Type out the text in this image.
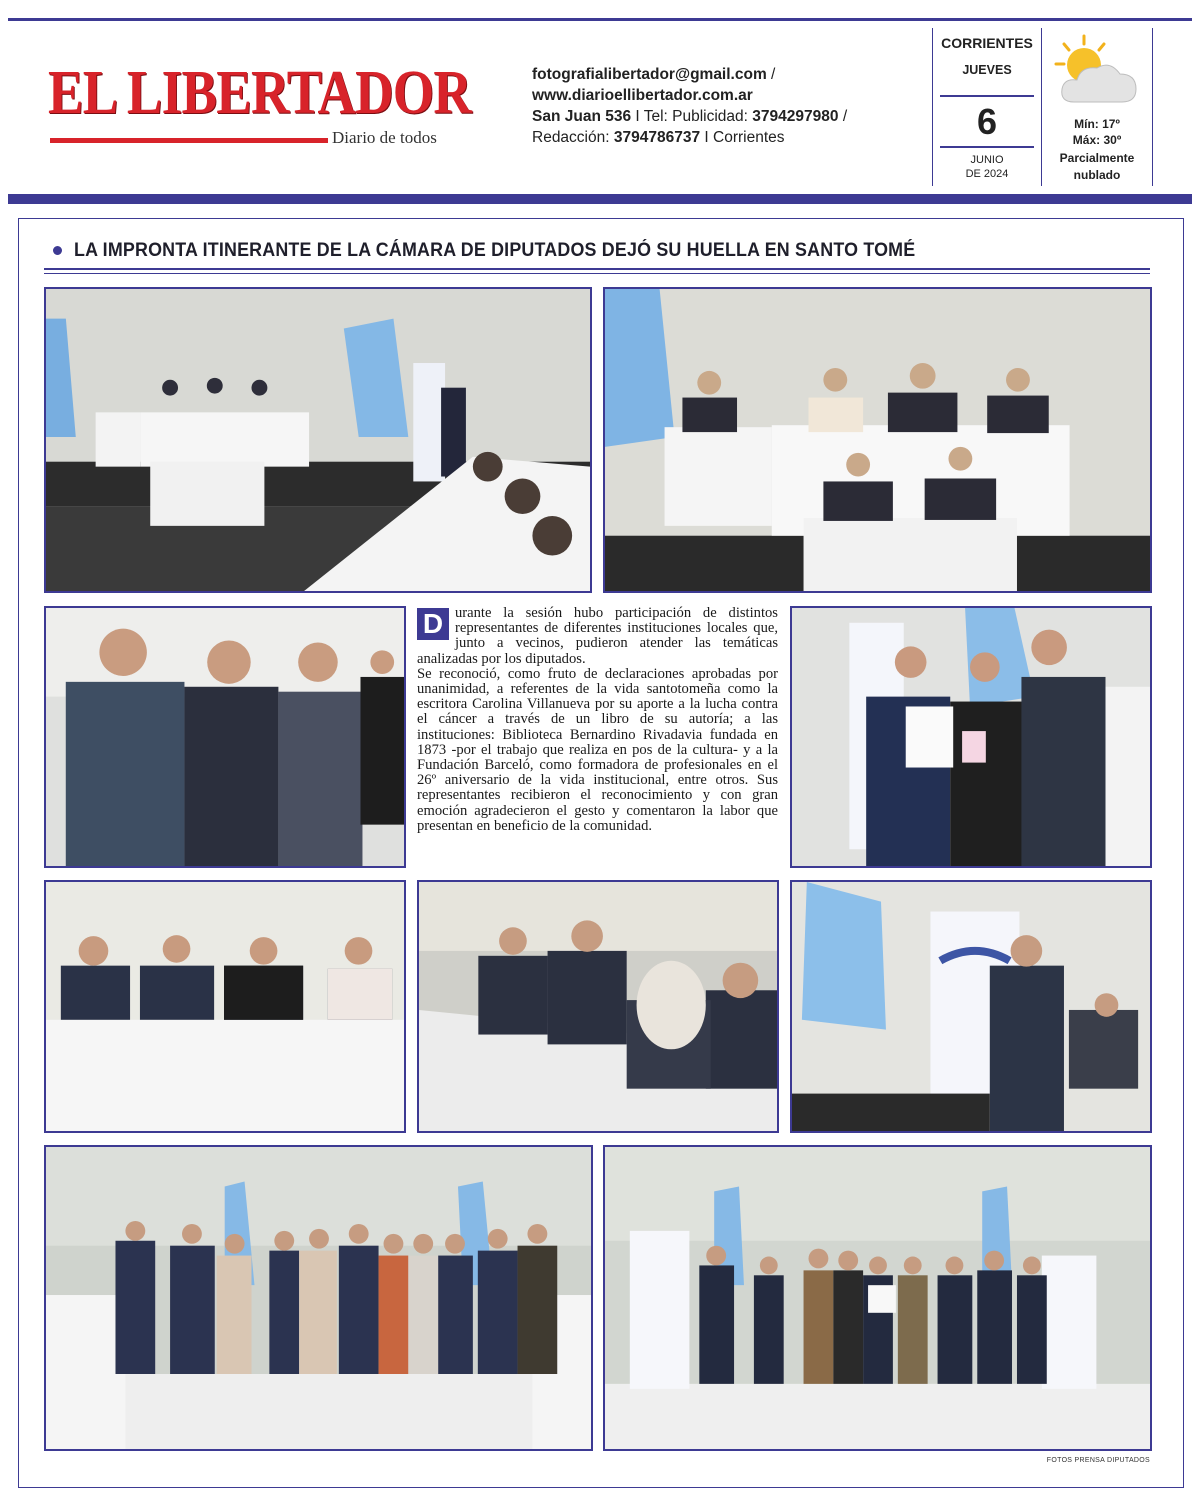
EL LIBERTADOR
Diario de todos
fotografialibertador@gmail.com /
www.diarioellibertador.com.ar
San Juan 536 I Tel: Publicidad: 3794297980 /
Redacción: 3794786737 I Corrientes
CORRIENTES
JUEVES
6
JUNIO
DE 2024
Mín: 17º
Máx: 30º
Parcialmente
nublado
LA IMPRONTA ITINERANTE DE LA CÁMARA DE DIPUTADOS DEJÓ SU HUELLA EN SANTO TOMÉ
D urante la sesión hubo participación de distintos representantes de diferentes instituciones locales que, junto a vecinos, pudieron atender las temáticas analizadas por los diputados.

Se reconoció, como fruto de declaraciones aprobadas por unanimidad, a referentes de la vida santotomeña como la escritora Carolina Villanueva por su aporte a la lucha contra el cáncer a través de un libro de su autoría; a las instituciones: Biblioteca Bernardino Rivadavia fundada en 1873 -por el trabajo que realiza en pos de la cultura- y a la Fundación Barceló, como formadora de profesionales en el 26º aniversario de la vida institucional, entre otros. Sus representantes recibieron el reconocimiento y con gran emoción agradecieron el gesto y comentaron la labor que presentan en beneficio de la comunidad.

FOTOS PRENSA DIPUTADOS
